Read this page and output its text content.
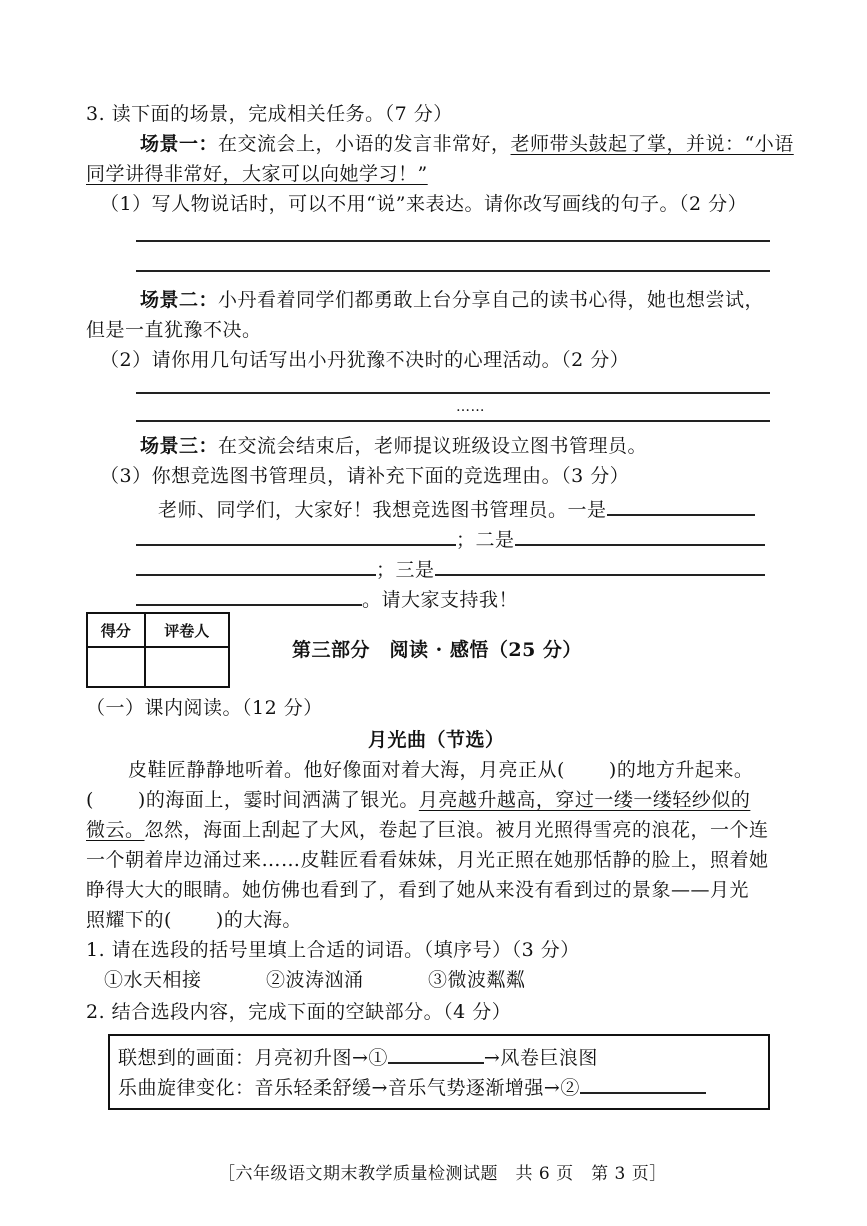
3. 读下面的场景，完成相关任务。（7 分）
场景一：在交流会上，小语的发言非常好，老师带头鼓起了掌，并说：“小语
同学讲得非常好，大家可以向她学习！”
（1）写人物说话时，可以不用“说”来表达。请你改写画线的句子。（2 分）
场景二：小丹看着同学们都勇敢上台分享自己的读书心得，她也想尝试，
但是一直犹豫不决。
（2）请你用几句话写出小丹犹豫不决时的心理活动。（2 分）
……
场景三：在交流会结束后，老师提议班级设立图书管理员。
（3）你想竞选图书管理员，请补充下面的竞选理由。（3 分）
老师、同学们，大家好！我想竞选图书管理员。一是
；二是
；三是
。请大家支持我！
得分	评卷人

第三部分　阅读 · 感悟（25 分）
（一）课内阅读。（12 分）
月光曲（节选）
皮鞋匠静静地听着。他好像面对着大海，月亮正从( )的地方升起来。
( )的海面上，霎时间洒满了银光。月亮越升越高，穿过一缕一缕轻纱似的
微云。忽然，海面上刮起了大风，卷起了巨浪。被月光照得雪亮的浪花，一个连
一个朝着岸边涌过来……皮鞋匠看看妹妹，月光正照在她那恬静的脸上，照着她
睁得大大的眼睛。她仿佛也看到了，看到了她从来没有看到过的景象——月光
照耀下的( )的大海。
1. 请在选段的括号里填上合适的词语。（填序号）（3 分）
①水天相接	②波涛汹涌	③微波粼粼
2. 结合选段内容，完成下面的空缺部分。（4 分）
联想到的画面：月亮初升图→①	→风卷巨浪图
乐曲旋律变化：音乐轻柔舒缓→音乐气势逐渐增强→②
［六年级语文期末教学质量检测试题　共 6 页　第 3 页］
